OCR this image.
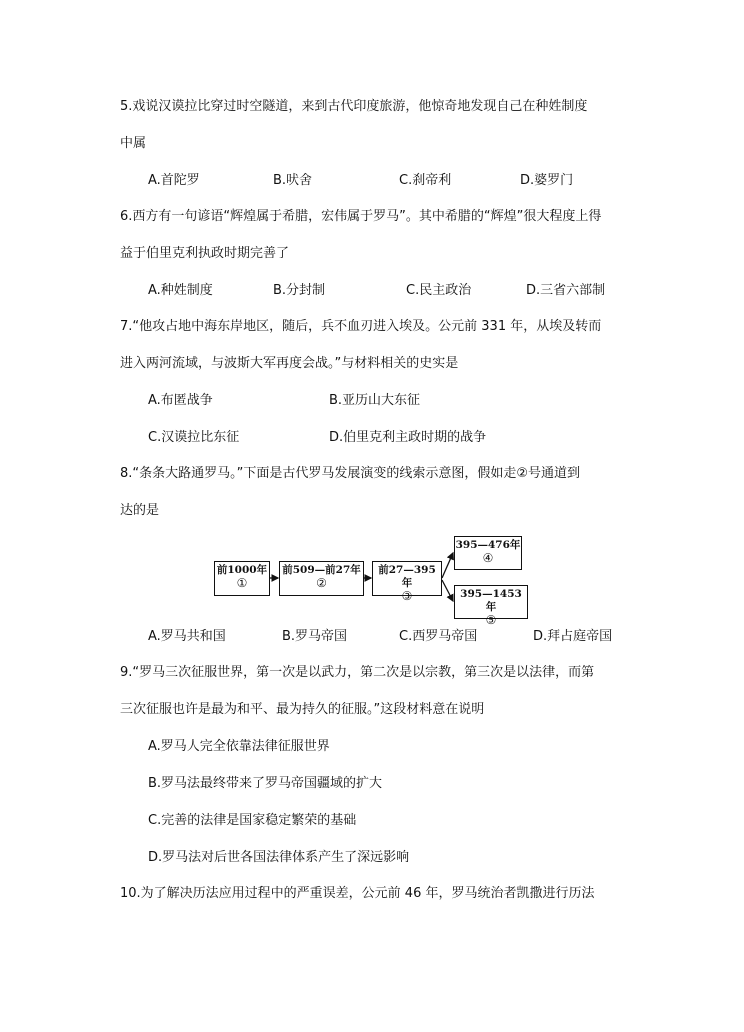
5.戏说汉谟拉比穿过时空隧道，来到古代印度旅游，他惊奇地发现自己在种姓制度
中属
A.首陀罗	B.吠舍	C.刹帝利	D.婆罗门
6.西方有一句谚语“辉煌属于希腊，宏伟属于罗马”。其中希腊的“辉煌”很大程度上得
益于伯里克利执政时期完善了
A.种姓制度	B.分封制	C.民主政治	D.三省六部制
7.“他攻占地中海东岸地区，随后，兵不血刃进入埃及。公元前 331 年，从埃及转而
进入两河流域，与波斯大军再度会战。”与材料相关的史实是
A.布匿战争	B.亚历山大东征
C.汉谟拉比东征	D.伯里克利主政时期的战争
8.“条条大路通罗马。”下面是古代罗马发展演变的线索示意图，假如走②号通道到
达的是
前1000年
①
前509—前27年
②
前27—395年
③
395—476年
④
395—1453年
⑤
A.罗马共和国	B.罗马帝国	C.西罗马帝国	D.拜占庭帝国
9.“罗马三次征服世界，第一次是以武力，第二次是以宗教，第三次是以法律，而第
三次征服也许是最为和平、最为持久的征服。”这段材料意在说明
A.罗马人完全依靠法律征服世界
B.罗马法最终带来了罗马帝国疆域的扩大
C.完善的法律是国家稳定繁荣的基础
D.罗马法对后世各国法律体系产生了深远影响
10.为了解决历法应用过程中的严重误差，公元前 46 年，罗马统治者凯撒进行历法
